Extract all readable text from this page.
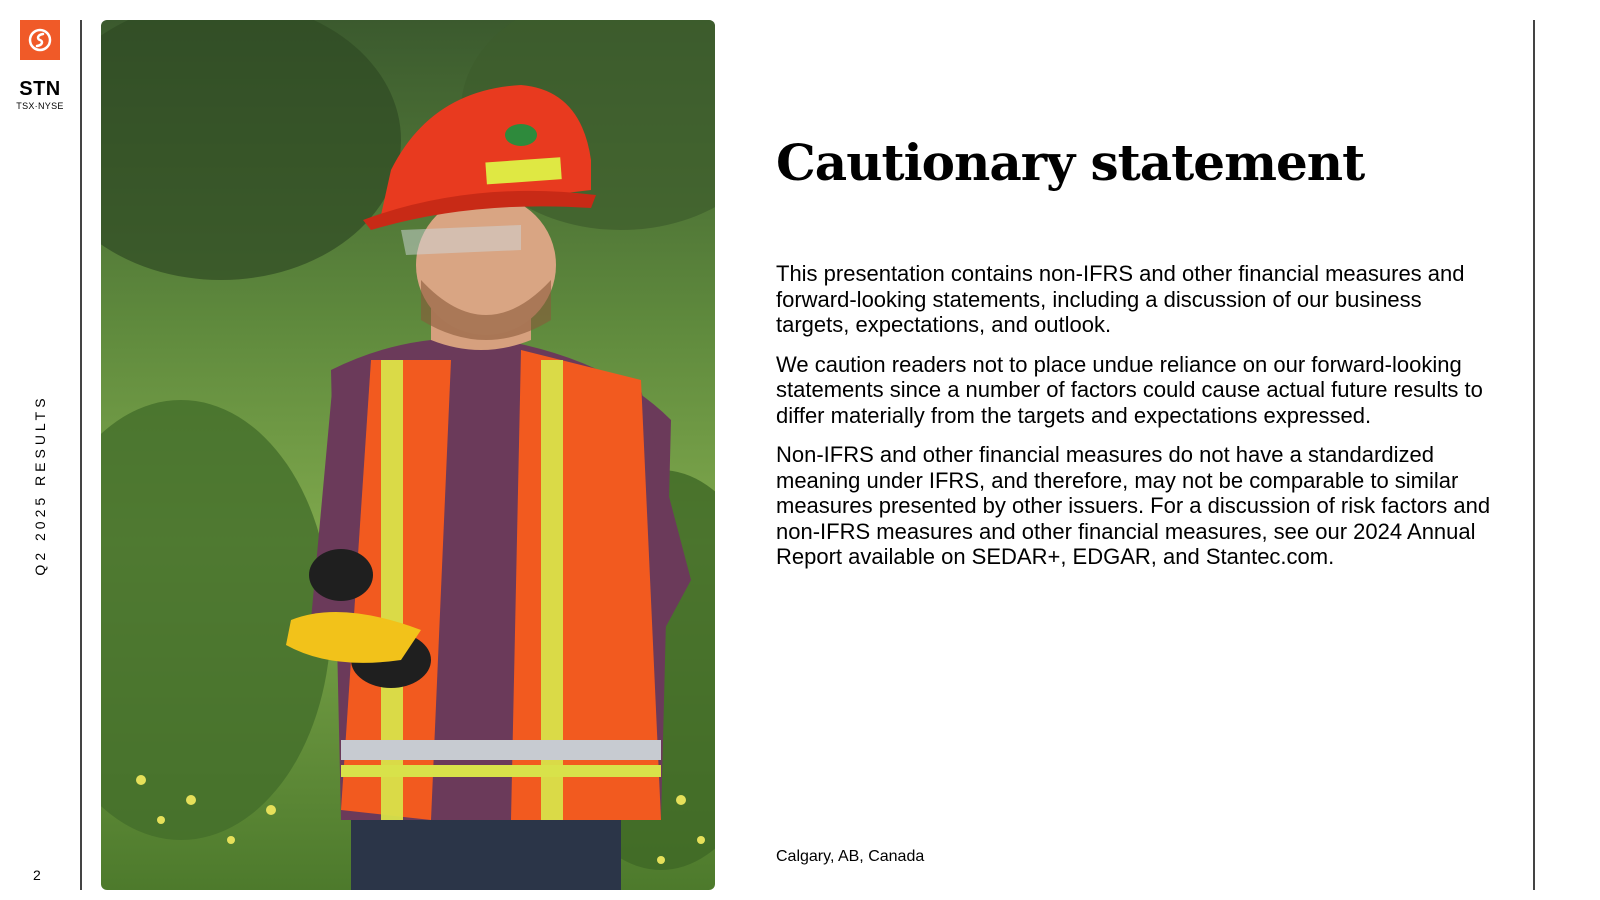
STN
TSX·NYSE
Q2 2025 RESULTS
2
Cautionary statement

This presentation contains non-IFRS and other financial measures and forward-looking statements, including a discussion of our business targets, expectations, and outlook.

We caution readers not to place undue reliance on our forward-looking statements since a number of factors could cause actual future results to differ materially from the targets and expectations expressed.

Non-IFRS and other financial measures do not have a standardized meaning under IFRS, and therefore, may not be comparable to similar measures presented by other issuers. For a discussion of risk factors and non-IFRS measures and other financial measures, see our 2024 Annual Report available on SEDAR+, EDGAR, and Stantec.com.

Calgary, AB, Canada
